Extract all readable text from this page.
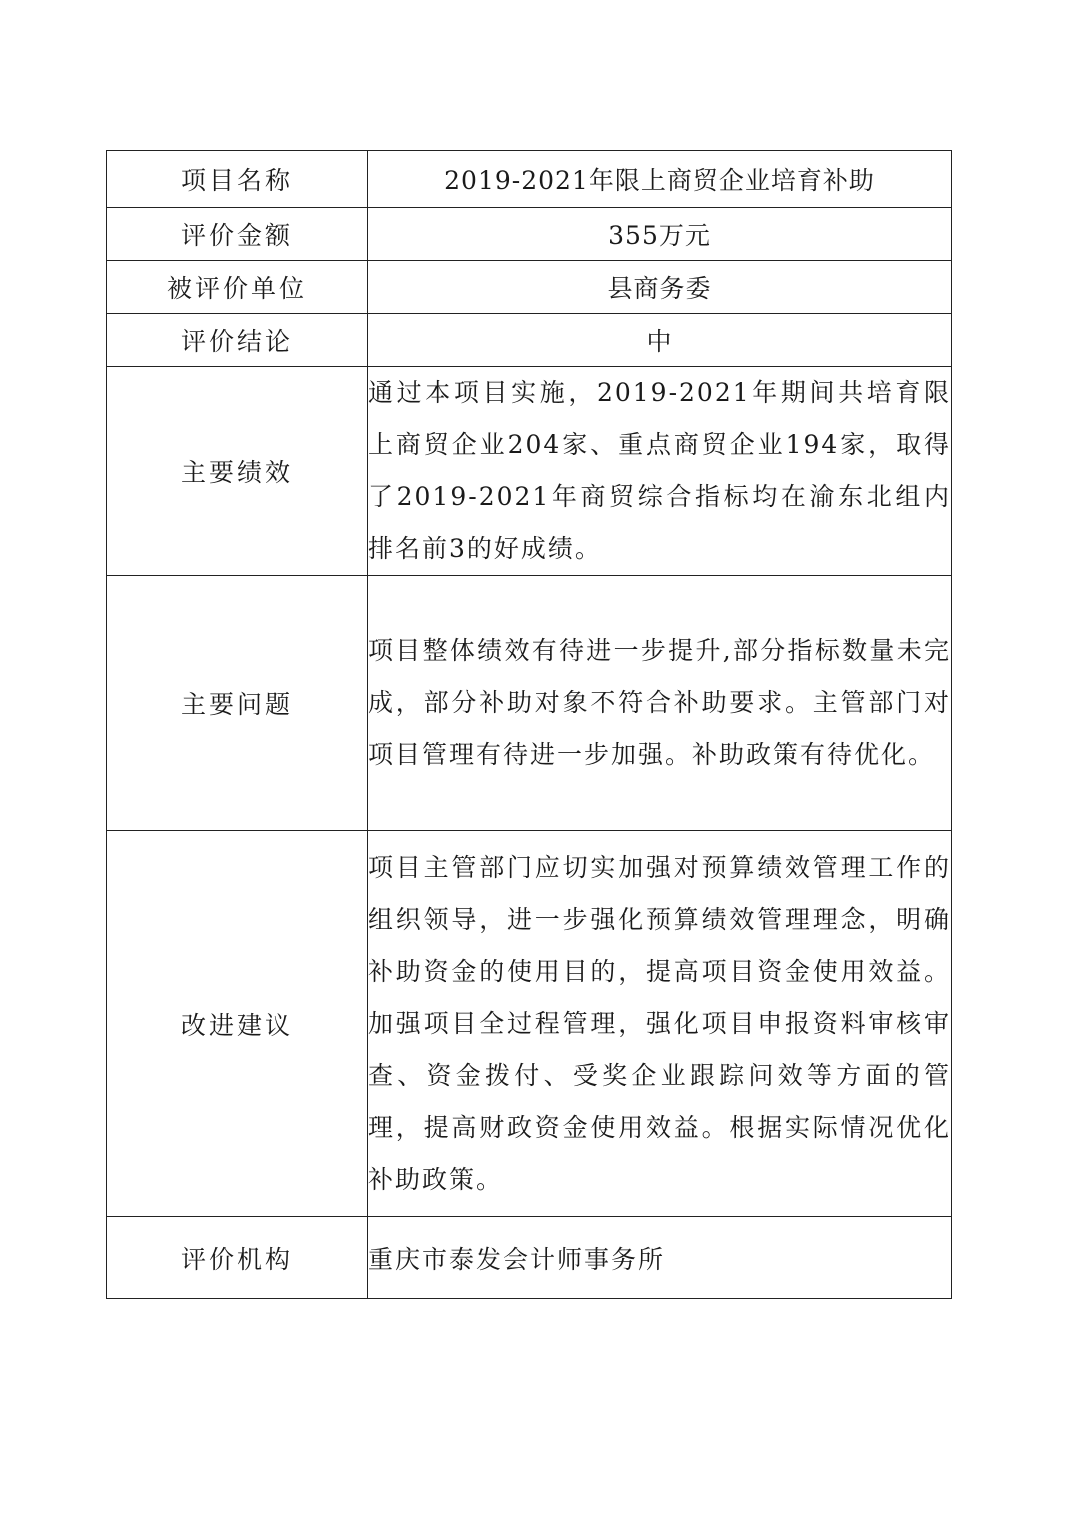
项目名称	2019-2021年限上商贸企业培育补助
评价金额	355万元
被评价单位	县商务委
评价结论	中
主要绩效	通过本项目实施，2019-2021年期间共培育限上商贸企业204家、重点商贸企业194家，取得了2019-2021年商贸综合指标均在渝东北组内排名前3的好成绩。
主要问题	项目整体绩效有待进一步提升,部分指标数量未完成，部分补助对象不符合补助要求。主管部门对项目管理有待进一步加强。补助政策有待优化。
改进建议	项目主管部门应切实加强对预算绩效管理工作的组织领导，进一步强化预算绩效管理理念，明确补助资金的使用目的，提高项目资金使用效益。加强项目全过程管理，强化项目申报资料审核审查、资金拨付、受奖企业跟踪问效等方面的管理，提高财政资金使用效益。根据实际情况优化补助政策。
评价机构	重庆市泰发会计师事务所
